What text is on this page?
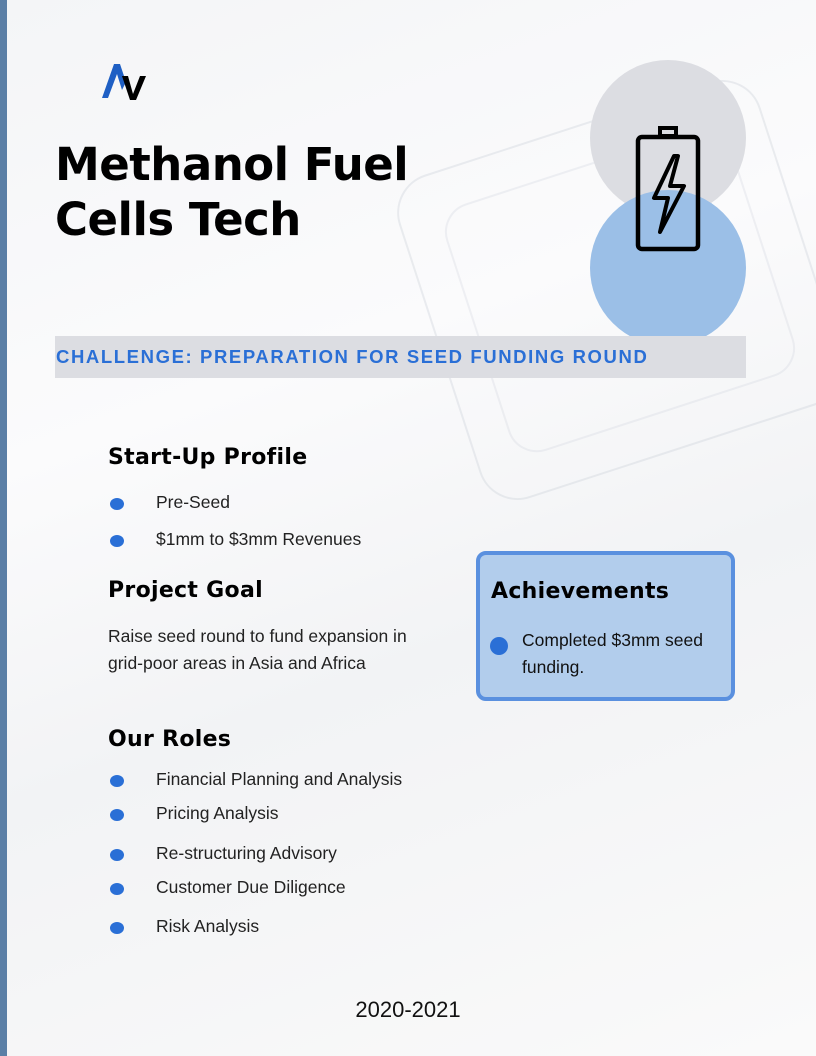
Methanol Fuel
Cells Tech
CHALLENGE: PREPARATION FOR SEED FUNDING ROUND
Start-Up Profile
Pre-Seed
$1mm to $3mm Revenues
Project Goal
Raise seed round to fund expansion in grid-poor areas in Asia and Africa
Achievements
Completed $3mm seed funding.
Our Roles
Financial Planning and Analysis
Pricing Analysis
Re-structuring Advisory
Customer Due Diligence
Risk Analysis
2020-2021
